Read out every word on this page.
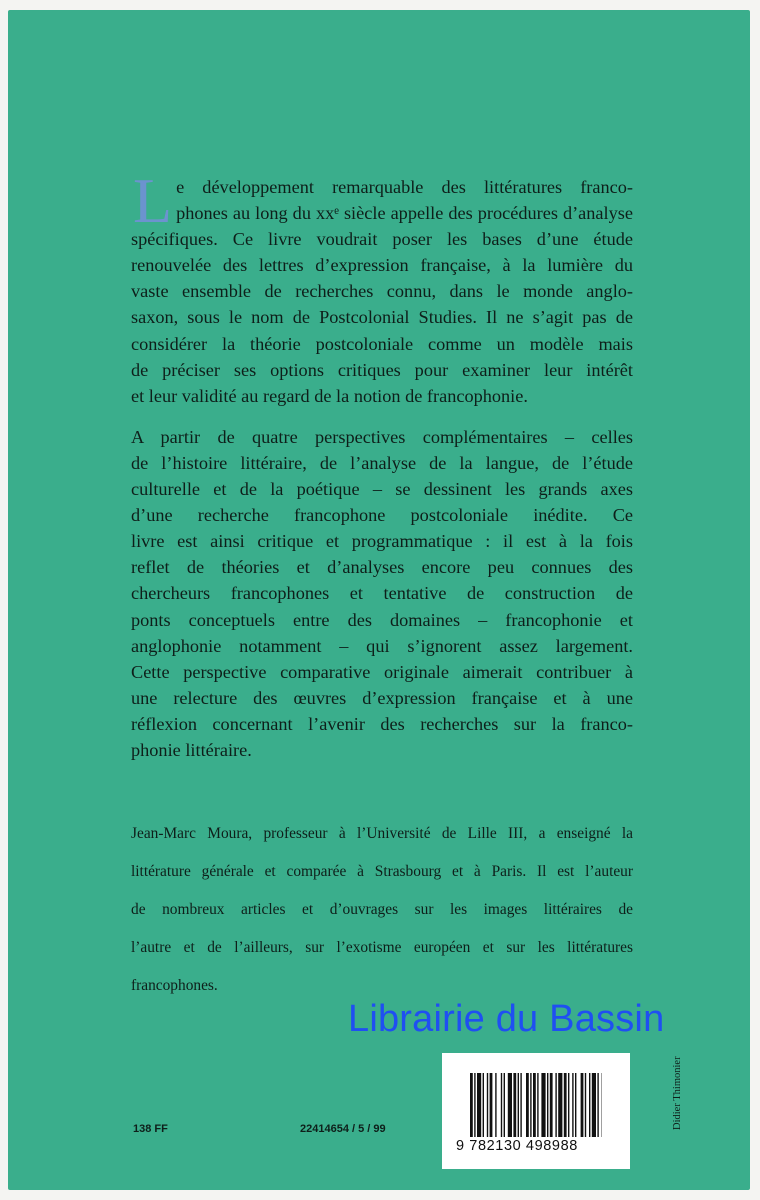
L e développement remarquable des littératures franco-

phones au long du xxᵉ siècle appelle des procédures d’analyse

spécifiques. Ce livre voudrait poser les bases d’une étude

renouvelée des lettres d’expression française, à la lumière du

vaste ensemble de recherches connu, dans le monde anglo-

saxon, sous le nom de Postcolonial Studies. Il ne s’agit pas de

considérer la théorie postcoloniale comme un modèle mais

de préciser ses options critiques pour examiner leur intérêt

et leur validité au regard de la notion de francophonie.

A partir de quatre perspectives complémentaires – celles

de l’histoire littéraire, de l’analyse de la langue, de l’étude

culturelle et de la poétique – se dessinent les grands axes

d’une recherche francophone postcoloniale inédite. Ce

livre est ainsi critique et programmatique : il est à la fois

reflet de théories et d’analyses encore peu connues des

chercheurs francophones et tentative de construction de

ponts conceptuels entre des domaines – francophonie et

anglophonie notamment – qui s’ignorent assez largement.

Cette perspective comparative originale aimerait contribuer à

une relecture des œuvres d’expression française et à une

réflexion concernant l’avenir des recherches sur la franco-

phonie littéraire.

Jean-Marc Moura, professeur à l’Université de Lille III, a enseigné la

littérature générale et comparée à Strasbourg et à Paris. Il est l’auteur

de nombreux articles et d’ouvrages sur les images littéraires de

l’autre et de l’ailleurs, sur l’exotisme européen et sur les littératures

francophones.

Librairie du Bassin
Didier Thimonier
138 FF	22414654 / 5 / 99
9 782130 498988
